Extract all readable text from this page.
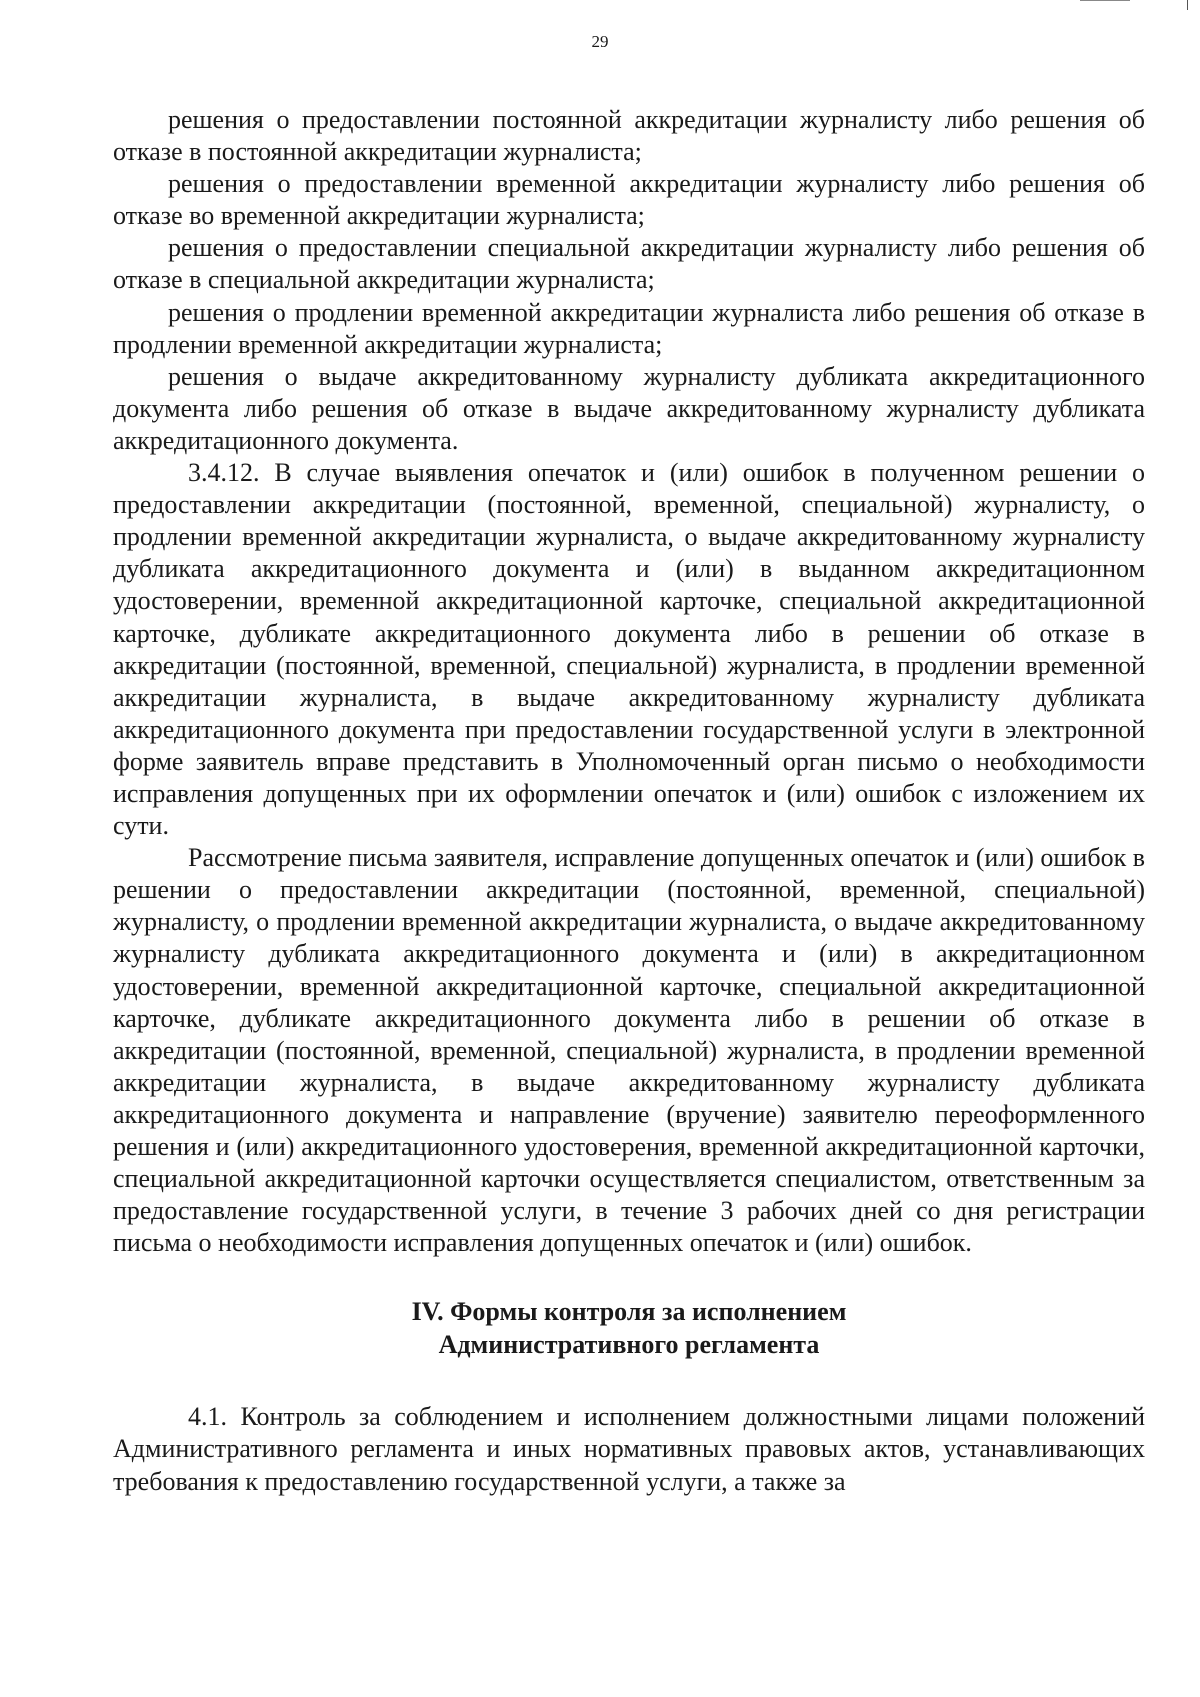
29

решения о предоставлении постоянной аккредитации журналисту либо решения об отказе в постоянной аккредитации журналиста;

решения о предоставлении временной аккредитации журналисту либо решения об отказе во временной аккредитации журналиста;

решения о предоставлении специальной аккредитации журналисту либо решения об отказе в специальной аккредитации журналиста;

решения о продлении временной аккредитации журналиста либо решения об отказе в продлении временной аккредитации журналиста;

решения о выдаче аккредитованному журналисту дубликата аккредитационного документа либо решения об отказе в выдаче аккредитованному журналисту дубликата аккредитационного документа.

3.4.12. В случае выявления опечаток и (или) ошибок в полученном решении о предоставлении аккредитации (постоянной, временной, специальной) журналисту, о продлении временной аккредитации журналиста, о выдаче аккредитованному журналисту дубликата аккредитационного документа и (или) в выданном аккредитационном удостоверении, временной аккредитационной карточке, специальной аккредитационной карточке, дубликате аккредитационного документа либо в решении об отказе в аккредитации (постоянной, временной, специальной) журналиста, в продлении временной аккредитации журналиста, в выдаче аккредитованному журналисту дубликата аккредитационного документа при предоставлении государственной услуги в электронной форме заявитель вправе представить в Уполномоченный орган письмо о необходимости исправления допущенных при их оформлении опечаток и (или) ошибок с изложением их сути.

Рассмотрение письма заявителя, исправление допущенных опечаток и (или) ошибок в решении о предоставлении аккредитации (постоянной, временной, специальной) журналисту, о продлении временной аккредитации журналиста, о выдаче аккредитованному журналисту дубликата аккредитационного документа и (или) в аккредитационном удостоверении, временной аккредитационной карточке, специальной аккредитационной карточке, дубликате аккредитационного документа либо в решении об отказе в аккредитации (постоянной, временной, специальной) журналиста, в продлении временной аккредитации журналиста, в выдаче аккредитованному журналисту дубликата аккредитационного документа и направление (вручение) заявителю переоформленного решения и (или) аккредитационного удостоверения, временной аккредитационной карточки, специальной аккредитационной карточки осуществляется специалистом, ответственным за предоставление государственной услуги, в течение 3 рабочих дней со дня регистрации письма о необходимости исправления допущенных опечаток и (или) ошибок.

IV. Формы контроля за исполнением
Административного регламента

4.1. Контроль за соблюдением и исполнением должностными лицами положений Административного регламента и иных нормативных правовых актов, устанавливающих требования к предоставлению государственной услуги, а также за
